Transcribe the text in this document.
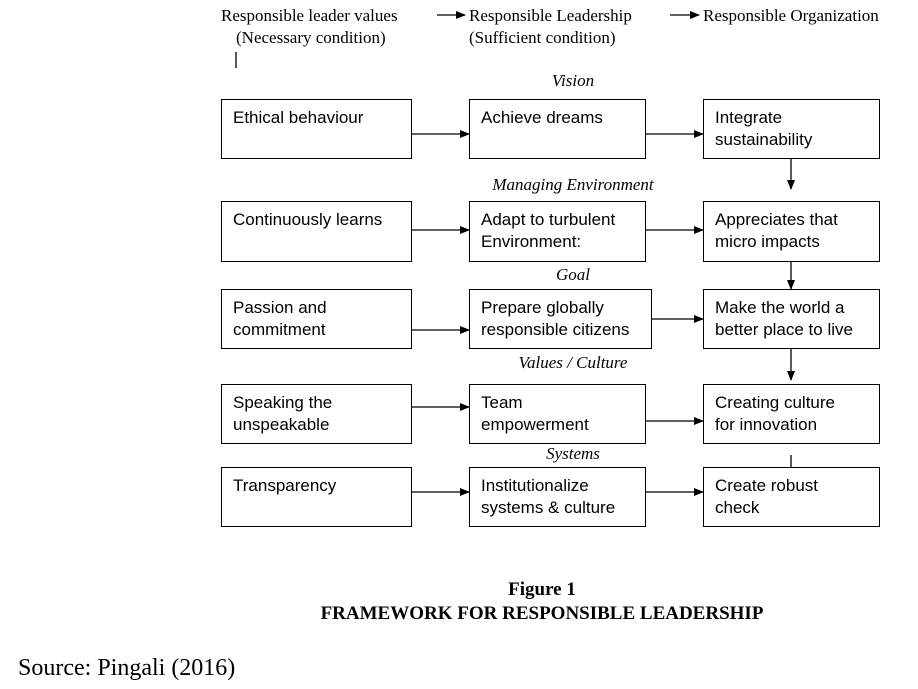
Responsible leader values
(Necessary condition)
Responsible Leadership
(Sufficient condition)
Responsible Organization
Vision
Managing Environment
Goal
Values / Culture
Systems
Ethical behaviour	Achieve dreams	Integrate
sustainability
Continuously learns	Adapt to turbulent
Environment:
Appreciates that
micro impacts
Passion and
commitment
Prepare globally
responsible citizens
Make the world a
better place to live
Speaking the
unspeakable
Team
empowerment
Creating culture
for innovation
Transparency	Institutionalize
systems & culture
Create robust
check
Figure 1
FRAMEWORK FOR RESPONSIBLE LEADERSHIP
Source: Pingali (2016)
